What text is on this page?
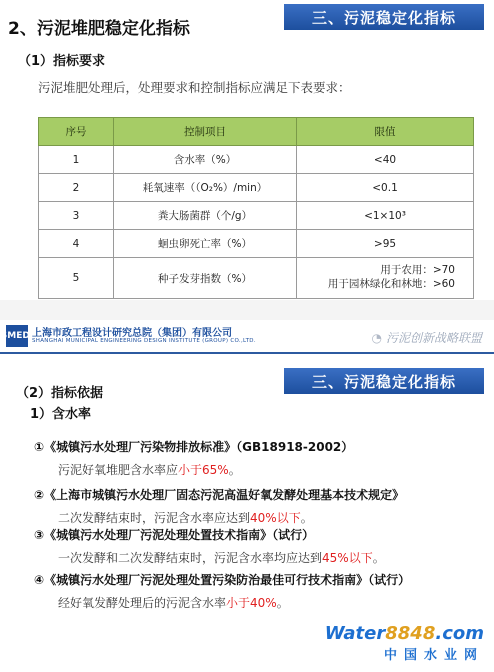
三、污泥稳定化指标
2、污泥堆肥稳定化指标
（1）指标要求
污泥堆肥处理后，处理要求和控制指标应满足下表要求：
序号	控制项目	限值
1	含水率（%）	<40
2	耗氧速率（（O₂%）/min）	<0.1
3	粪大肠菌群（个/g）	<1×10³
4	蛔虫卵死亡率（%）	>95
5	种子发芽指数（%）	用于农用：>70
用于园林绿化和林地：>60
SMEDI
上海市政工程设计研究总院（集团）有限公司
SHANGHAI MUNICIPAL ENGINEERING DESIGN INSTITUTE (GROUP) CO.,LTD.	◔ 污泥创新战略联盟
三、污泥稳定化指标
（2）指标依据
1）含水率
①《城镇污水处理厂污染物排放标准》（GB18918-2002）
污泥好氧堆肥含水率应小于65%。
②《上海市城镇污水处理厂固态污泥高温好氧发酵处理基本技术规定》
二次发酵结束时，污泥含水率应达到40%以下。
③《城镇污水处理厂污泥处理处置技术指南》（试行）
一次发酵和二次发酵结束时，污泥含水率均应达到45%以下。
④《城镇污水处理厂污泥处理处置污染防治最佳可行技术指南》（试行）
经好氧发酵处理后的污泥含水率小于40%。
Water8848.com
中国水业网
